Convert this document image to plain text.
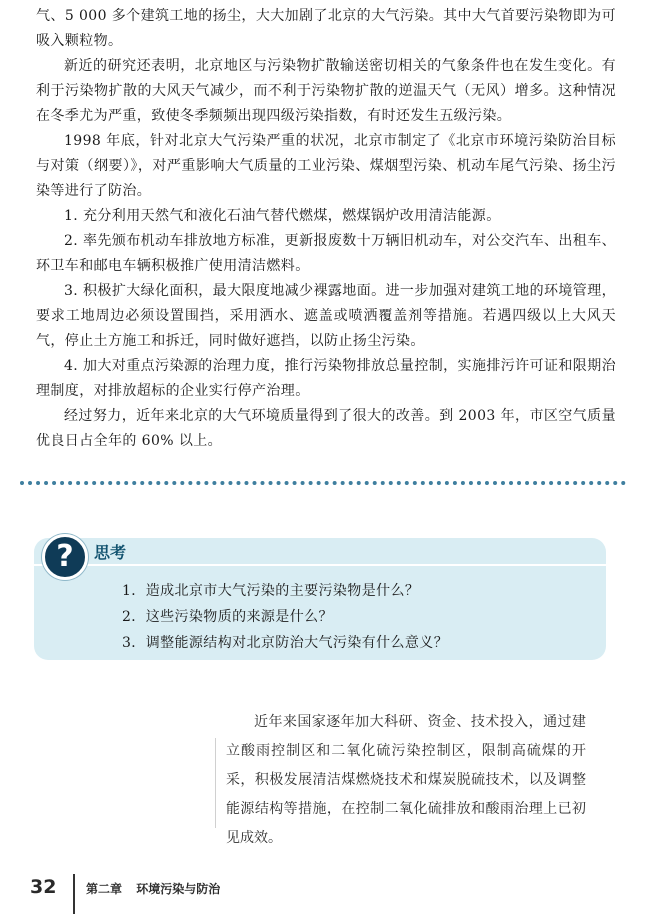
气、5 000 多个建筑工地的扬尘，大大加剧了北京的大气污染。其中大气首要污染物即为可吸入颗粒物。

新近的研究还表明，北京地区与污染物扩散输送密切相关的气象条件也在发生变化。有利于污染物扩散的大风天气减少，而不利于污染物扩散的逆温天气（无风）增多。这种情况在冬季尤为严重，致使冬季频频出现四级污染指数，有时还发生五级污染。

1998 年底，针对北京大气污染严重的状况，北京市制定了《北京市环境污染防治目标与对策（纲要）》，对严重影响大气质量的工业污染、煤烟型污染、机动车尾气污染、扬尘污染等进行了防治。

1. 充分利用天然气和液化石油气替代燃煤，燃煤锅炉改用清洁能源。

2. 率先颁布机动车排放地方标准，更新报废数十万辆旧机动车，对公交汽车、出租车、环卫车和邮电车辆积极推广使用清洁燃料。

3. 积极扩大绿化面积，最大限度地减少裸露地面。进一步加强对建筑工地的环境管理，要求工地周边必须设置围挡，采用洒水、遮盖或喷洒覆盖剂等措施。若遇四级以上大风天气，停止土方施工和拆迁，同时做好遮挡，以防止扬尘污染。

4. 加大对重点污染源的治理力度，推行污染物排放总量控制，实施排污许可证和限期治理制度，对排放超标的企业实行停产治理。

经过努力，近年来北京的大气环境质量得到了很大的改善。到 2003 年，市区空气质量优良日占全年的 60% 以上。

?	思考
1．造成北京市大气污染的主要污染物是什么？
2．这些污染物质的来源是什么？
3．调整能源结构对北京防治大气污染有什么意义？

近年来国家逐年加大科研、资金、技术投入，通过建立酸雨控制区和二氧化硫污染控制区，限制高硫煤的开采，积极发展清洁煤燃烧技术和煤炭脱硫技术，以及调整能源结构等措施，在控制二氧化硫排放和酸雨治理上已初见成效。

32 第二章 环境污染与防治
